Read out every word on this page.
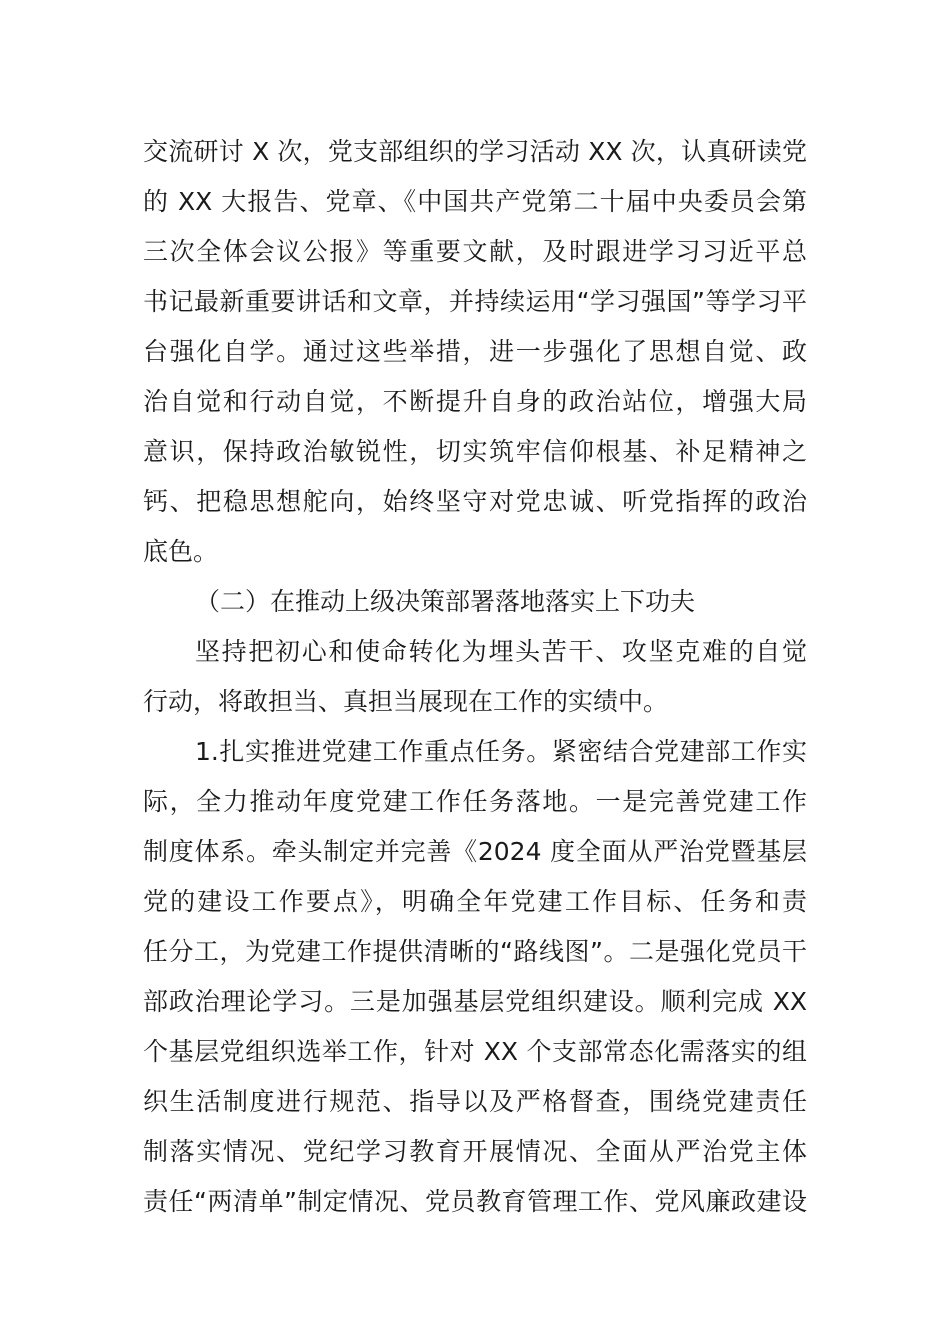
交流研讨 X 次，党支部组织的学习活动 XX 次，认真研读党
的 XX 大报告、党章、《中国共产党第二十届中央委员会第
三次全体会议公报》等重要文献，及时跟进学习习近平总
书记最新重要讲话和文章，并持续运用“学习强国”等学习平
台强化自学。通过这些举措，进一步强化了思想自觉、政
治自觉和行动自觉，不断提升自身的政治站位，增强大局
意识，保持政治敏锐性，切实筑牢信仰根基、补足精神之
钙、把稳思想舵向，始终坚守对党忠诚、听党指挥的政治
底色。
（二）在推动上级决策部署落地落实上下功夫
坚持把初心和使命转化为埋头苦干、攻坚克难的自觉
行动，将敢担当、真担当展现在工作的实绩中。
1.扎实推进党建工作重点任务。紧密结合党建部工作实
际，全力推动年度党建工作任务落地。一是完善党建工作
制度体系。牵头制定并完善《2024 度全面从严治党暨基层
党的建设工作要点》，明确全年党建工作目标、任务和责
任分工，为党建工作提供清晰的“路线图”。二是强化党员干
部政治理论学习。三是加强基层党组织建设。顺利完成 XX
个基层党组织选举工作，针对 XX 个支部常态化需落实的组
织生活制度进行规范、指导以及严格督查，围绕党建责任
制落实情况、党纪学习教育开展情况、全面从严治党主体
责任“两清单”制定情况、党员教育管理工作、党风廉政建设
